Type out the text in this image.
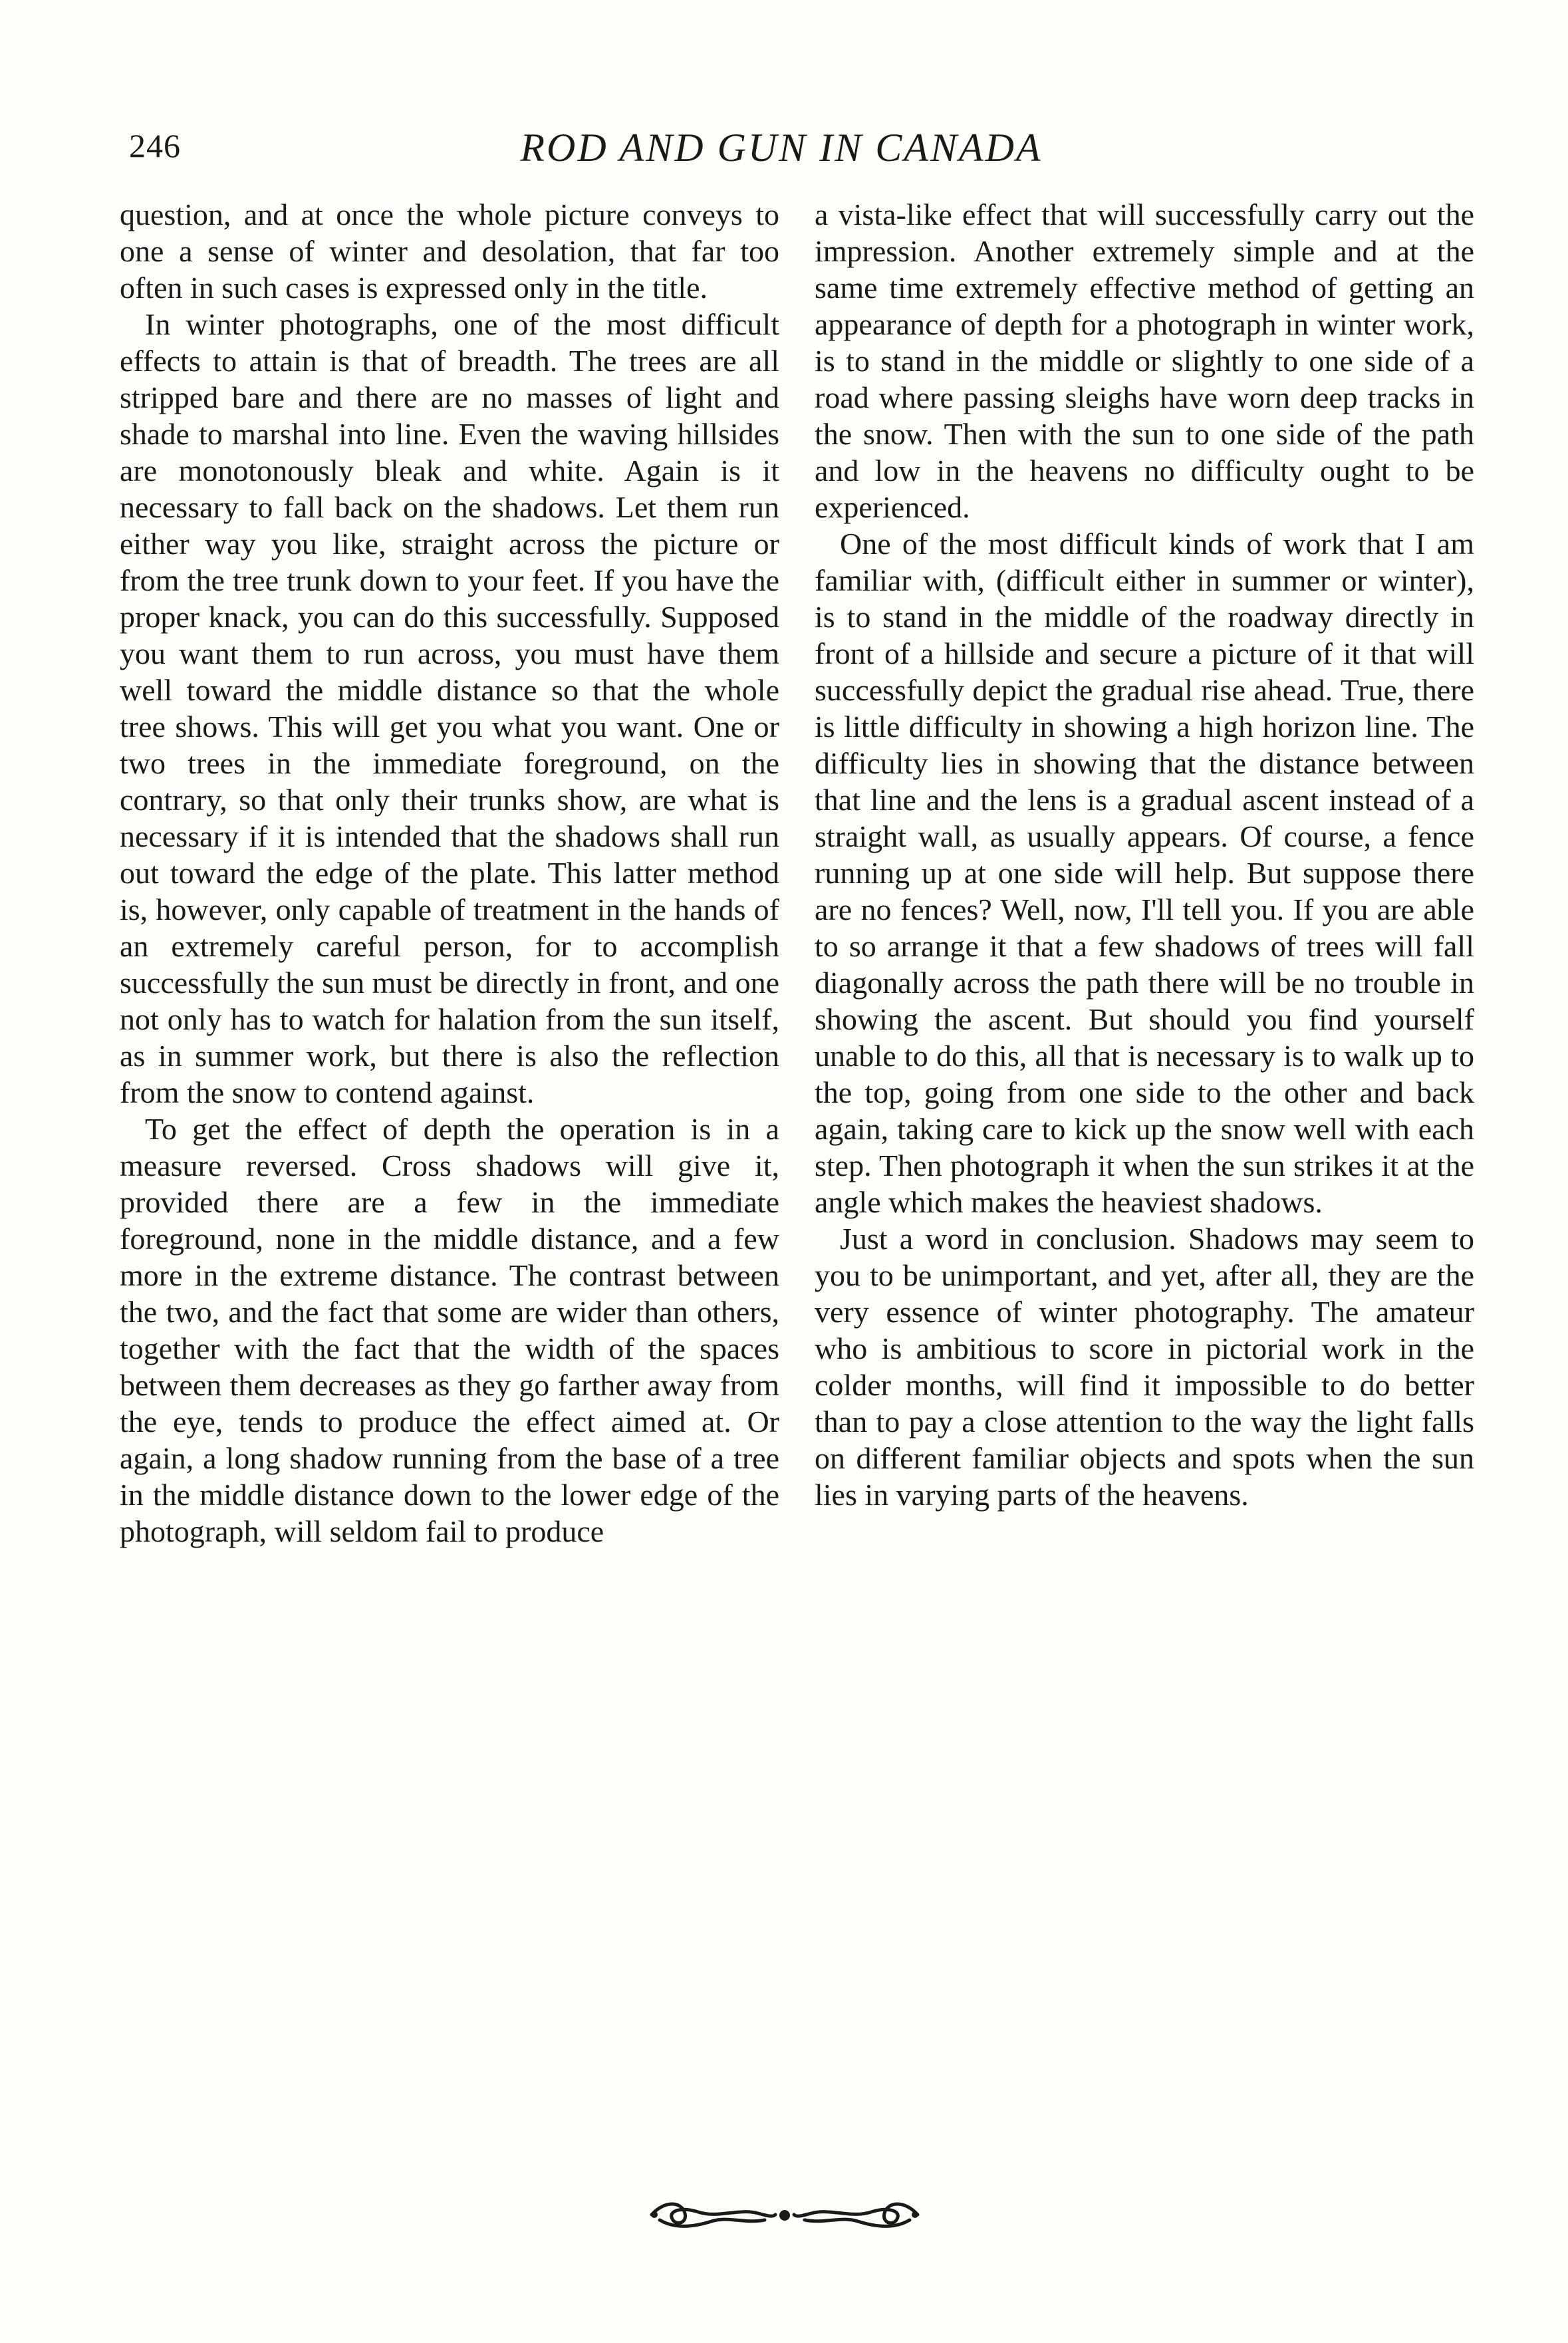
246	ROD AND GUN IN CANADA

question, and at once the whole picture conveys to one a sense of winter and desolation, that far too often in such cases is expressed only in the title.

In winter photographs, one of the most difficult effects to attain is that of breadth. The trees are all stripped bare and there are no masses of light and shade to marshal into line. Even the waving hillsides are monotonously bleak and white. Again is it necessary to fall back on the shadows. Let them run either way you like, straight across the picture or from the tree trunk down to your feet. If you have the proper knack, you can do this successfully. Supposed you want them to run across, you must have them well toward the middle distance so that the whole tree shows. This will get you what you want. One or two trees in the immediate foreground, on the contrary, so that only their trunks show, are what is necessary if it is intended that the shadows shall run out toward the edge of the plate. This latter method is, however, only capable of treatment in the hands of an extremely careful person, for to accomplish successfully the sun must be directly in front, and one not only has to watch for halation from the sun itself, as in summer work, but there is also the reflection from the snow to contend against.

To get the effect of depth the operation is in a measure reversed. Cross shadows will give it, provided there are a few in the immediate foreground, none in the middle distance, and a few more in the extreme distance. The contrast between the two, and the fact that some are wider than others, together with the fact that the width of the spaces between them decreases as they go farther away from the eye, tends to produce the effect aimed at. Or again, a long shadow running from the base of a tree in the middle distance down to the lower edge of the photograph, will seldom fail to produce

a vista-like effect that will successfully carry out the impression. Another extremely simple and at the same time extremely effective method of getting an appearance of depth for a photograph in winter work, is to stand in the middle or slightly to one side of a road where passing sleighs have worn deep tracks in the snow. Then with the sun to one side of the path and low in the heavens no difficulty ought to be experienced.

One of the most difficult kinds of work that I am familiar with, (difficult either in summer or winter), is to stand in the middle of the roadway directly in front of a hillside and secure a picture of it that will successfully depict the gradual rise ahead. True, there is little difficulty in showing a high horizon line. The difficulty lies in showing that the distance between that line and the lens is a gradual ascent instead of a straight wall, as usually appears. Of course, a fence running up at one side will help. But suppose there are no fences? Well, now, I'll tell you. If you are able to so arrange it that a few shadows of trees will fall diagonally across the path there will be no trouble in showing the ascent. But should you find yourself unable to do this, all that is necessary is to walk up to the top, going from one side to the other and back again, taking care to kick up the snow well with each step. Then photograph it when the sun strikes it at the angle which makes the heaviest shadows.

Just a word in conclusion. Shadows may seem to you to be unimportant, and yet, after all, they are the very essence of winter photography. The amateur who is ambitious to score in pictorial work in the colder months, will find it impossible to do better than to pay a close attention to the way the light falls on different familiar objects and spots when the sun lies in varying parts of the heavens.
